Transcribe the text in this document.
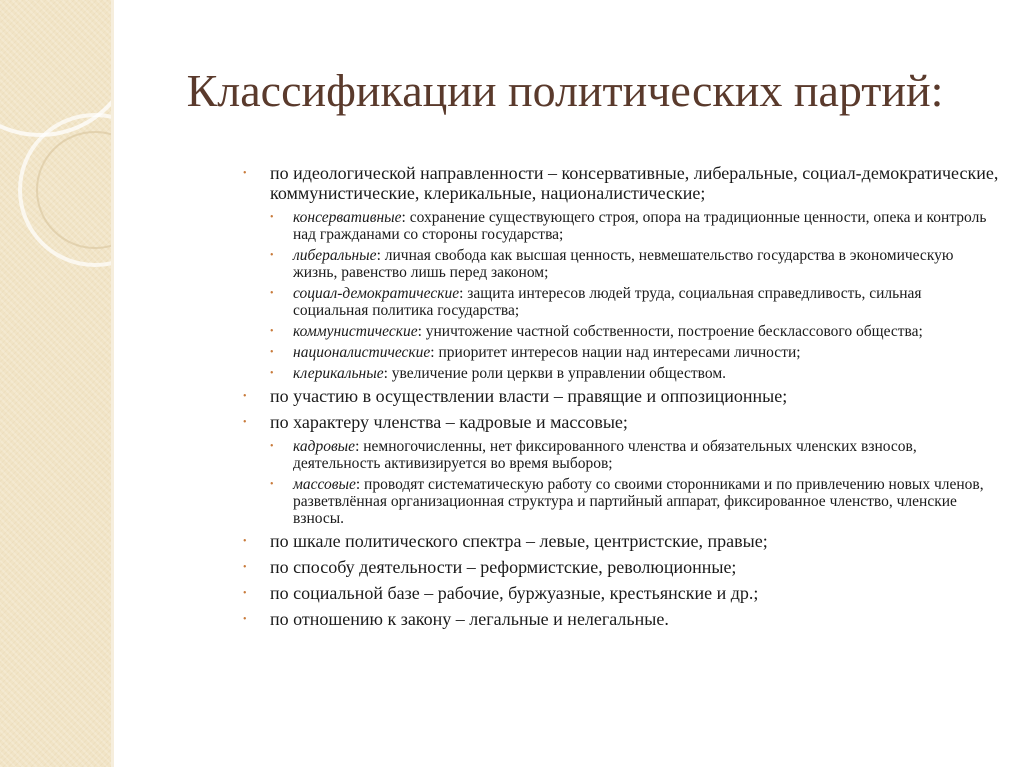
Классификации политических партий:
• по идеологической направленности – консервативные, либеральные, социал-демократические, коммунистические, клерикальные, националистические;
• консервативные: сохранение существующего строя, опора на традиционные ценности, опека и контроль над гражданами со стороны государства;
• либеральные: личная свобода как высшая ценность, невмешательство государства в экономическую жизнь, равенство лишь перед законом;
• социал-демократические: защита интересов людей труда, социальная справедливость, сильная социальная политика государства;
• коммунистические: уничтожение частной собственности, построение бесклассового общества;
• националистические: приоритет интересов нации над интересами личности;
• клерикальные: увеличение роли церкви в управлении обществом.
• по участию в осуществлении власти – правящие и оппозиционные;
• по характеру членства – кадровые и массовые;
• кадровые: немногочисленны, нет фиксированного членства и обязательных членских взносов, деятельность активизируется во время выборов;
• массовые: проводят систематическую работу со своими сторонниками и по привлечению новых членов, разветвлённая организационная структура и партийный аппарат, фиксированное членство, членские взносы.
• по шкале политического спектра – левые, центристские, правые;
• по способу деятельности – реформистские, революционные;
• по социальной базе – рабочие, буржуазные, крестьянские и др.;
• по отношению к закону – легальные и нелегальные.
